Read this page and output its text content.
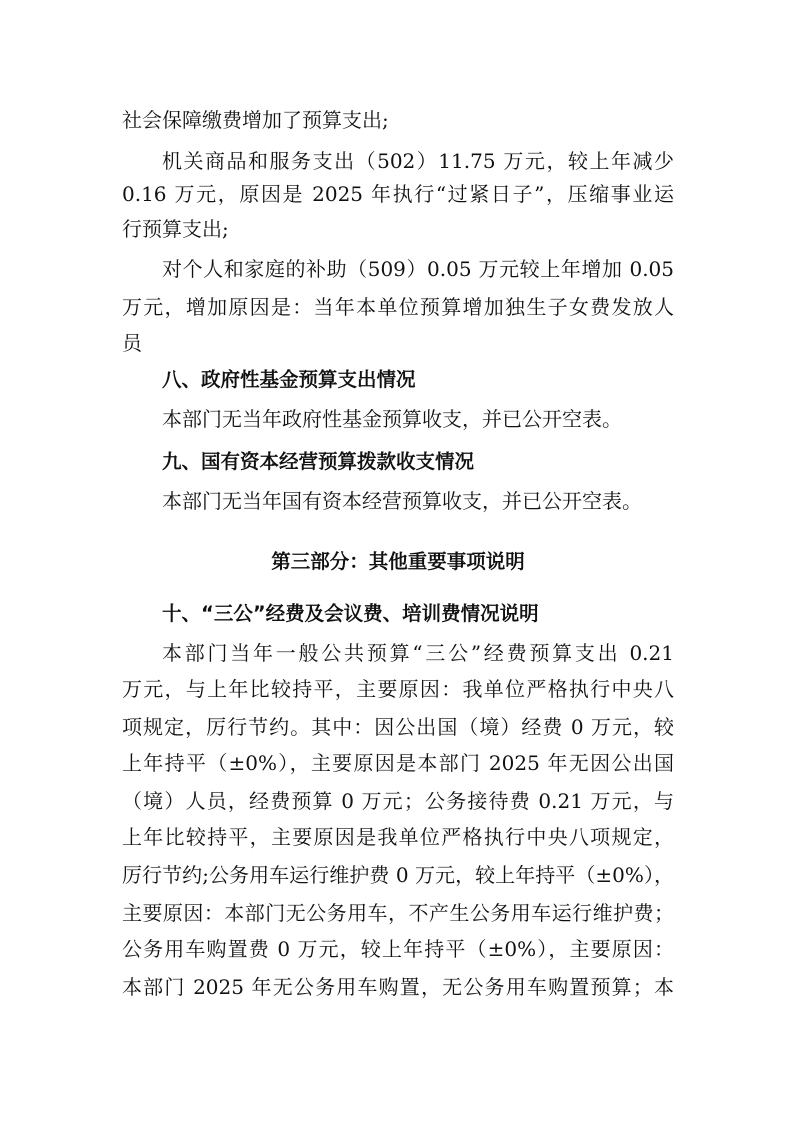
社会保障缴费增加了预算支出;
机关商品和服务支出（502）11.75 万元，较上年减少
0.16 万元，原因是 2025 年执行“过紧日子”，压缩事业运
行预算支出;
对个人和家庭的补助（509）0.05 万元较上年增加 0.05
万元，增加原因是：当年本单位预算增加独生子女费发放人
员
八、政府性基金预算支出情况
本部门无当年政府性基金预算收支，并已公开空表。
九、国有资本经营预算拨款收支情况
本部门无当年国有资本经营预算收支，并已公开空表。
第三部分：其他重要事项说明
十、“三公”经费及会议费、培训费情况说明
本部门当年一般公共预算“三公”经费预算支出 0.21
万元，与上年比较持平，主要原因：我单位严格执行中央八
项规定，厉行节约。其中：因公出国（境）经费 0 万元，较
上年持平（±0%），主要原因是本部门 2025 年无因公出国
（境）人员，经费预算 0 万元；公务接待费 0.21 万元，与
上年比较持平，主要原因是我单位严格执行中央八项规定，
厉行节约;公务用车运行维护费 0 万元，较上年持平（±0%），
主要原因：本部门无公务用车，不产生公务用车运行维护费；
公务用车购置费 0 万元，较上年持平（±0%），主要原因：
本部门 2025 年无公务用车购置，无公务用车购置预算；本
